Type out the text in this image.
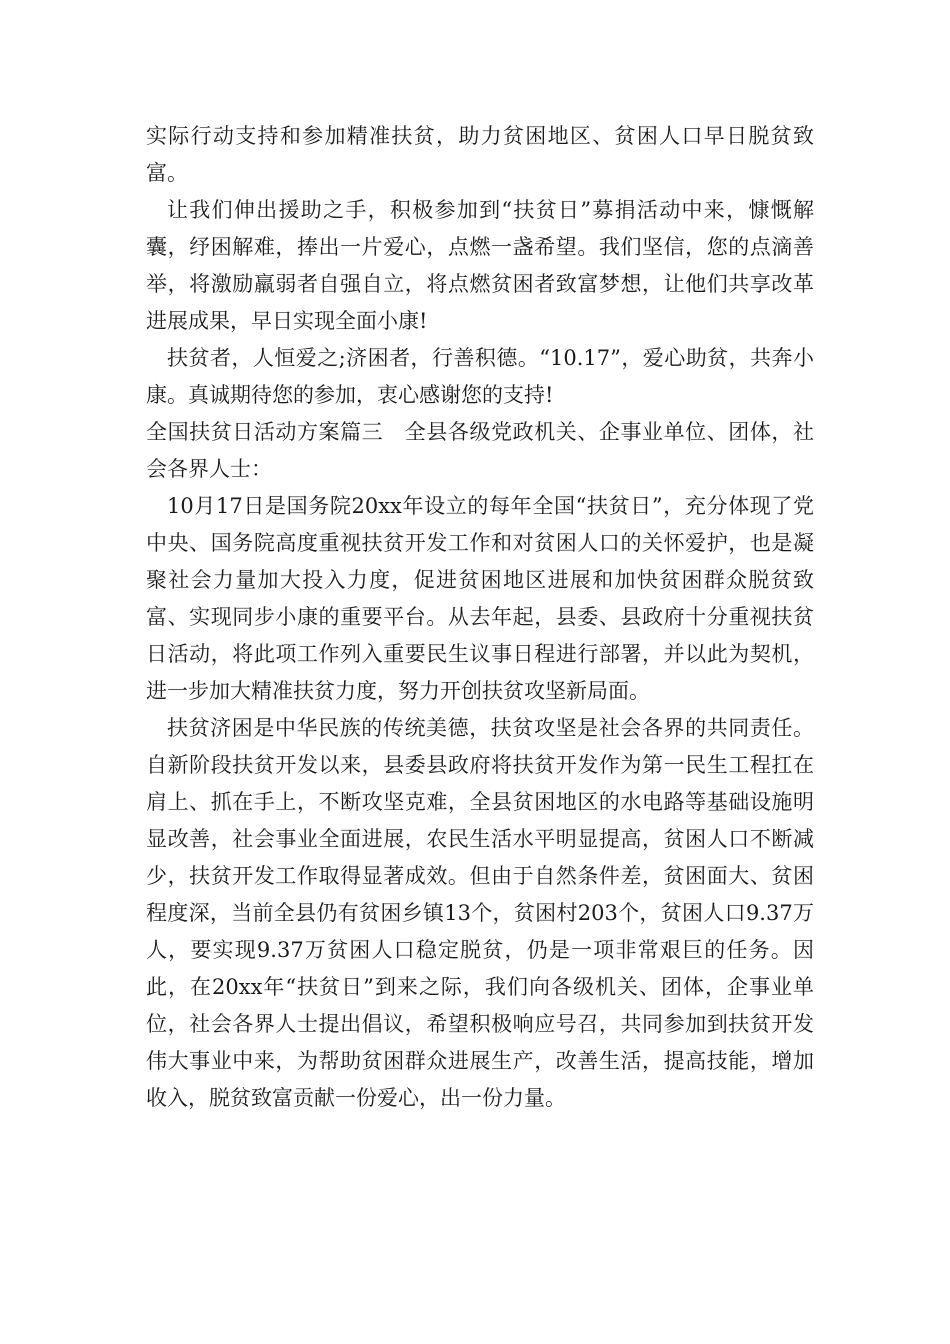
实际行动支持和参加精准扶贫，助力贫困地区、贫困人口早日脱贫致富。

让我们伸出援助之手，积极参加到“扶贫日”募捐活动中来，慷慨解囊，纾困解难，捧出一片爱心，点燃一盏希望。我们坚信，您的点滴善举，将激励羸弱者自强自立，将点燃贫困者致富梦想，让他们共享改革进展成果，早日实现全面小康!

扶贫者，人恒爱之;济困者，行善积德。“10.17”，爱心助贫，共奔小康。真诚期待您的参加，衷心感谢您的支持!

全国扶贫日活动方案篇三　全县各级党政机关、企事业单位、团体，社会各界人士：

10月17日是国务院20xx年设立的每年全国“扶贫日”，充分体现了党中央、国务院高度重视扶贫开发工作和对贫困人口的关怀爱护，也是凝聚社会力量加大投入力度，促进贫困地区进展和加快贫困群众脱贫致富、实现同步小康的重要平台。从去年起，县委、县政府十分重视扶贫日活动，将此项工作列入重要民生议事日程进行部署，并以此为契机，进一步加大精准扶贫力度，努力开创扶贫攻坚新局面。

扶贫济困是中华民族的传统美德，扶贫攻坚是社会各界的共同责任。自新阶段扶贫开发以来，县委县政府将扶贫开发作为第一民生工程扛在肩上、抓在手上，不断攻坚克难，全县贫困地区的水电路等基础设施明显改善，社会事业全面进展，农民生活水平明显提高，贫困人口不断减少，扶贫开发工作取得显著成效。但由于自然条件差，贫困面大、贫困程度深，当前全县仍有贫困乡镇13个，贫困村203个，贫困人口9.37万人，要实现9.37万贫困人口稳定脱贫，仍是一项非常艰巨的任务。因此，在20xx年“扶贫日”到来之际，我们向各级机关、团体，企事业单位，社会各界人士提出倡议，希望积极响应号召，共同参加到扶贫开发伟大事业中来，为帮助贫困群众进展生产，改善生活，提高技能，增加收入，脱贫致富贡献一份爱心，出一份力量。
